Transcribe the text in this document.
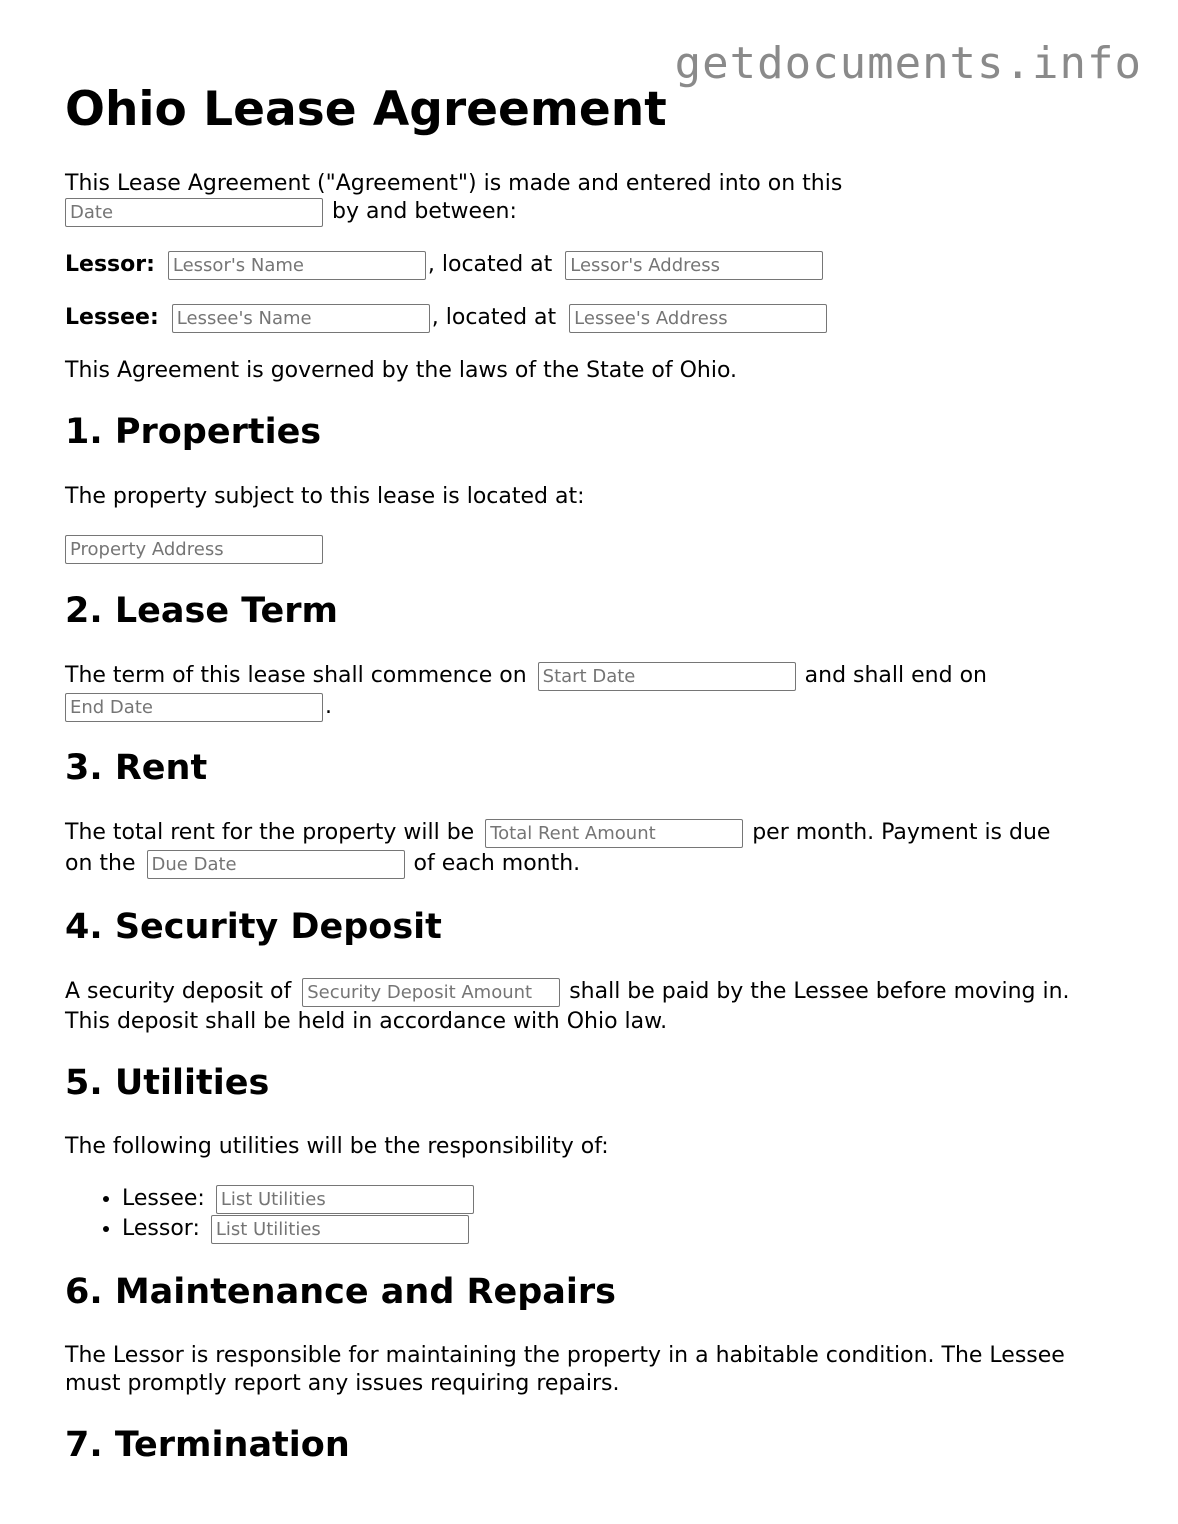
getdocuments.info
Ohio Lease Agreement
This Lease Agreement ("Agreement") is made and entered into on this
Date by and between:
Lessor: Lessor's Name	, located at Lessor's Address
Lessee: Lessee's Name	, located at Lessee's Address
This Agreement is governed by the laws of the State of Ohio.
1. Properties
The property subject to this lease is located at:
Property Address
2. Lease Term
The term of this lease shall commence on Start Date	and shall end on
End Date.
3. Rent
The total rent for the property will be Total Rent Amount	per month. Payment is due
on the Due Date	of each month.
4. Security Deposit
A security deposit of Security Deposit Amount	shall be paid by the Lessee before moving in.
This deposit shall be held in accordance with Ohio law.
5. Utilities
The following utilities will be the responsibility of:
• Lessee: List Utilities
• Lessor: List Utilities
6. Maintenance and Repairs
The Lessor is responsible for maintaining the property in a habitable condition. The Lessee
must promptly report any issues requiring repairs.
7. Termination
